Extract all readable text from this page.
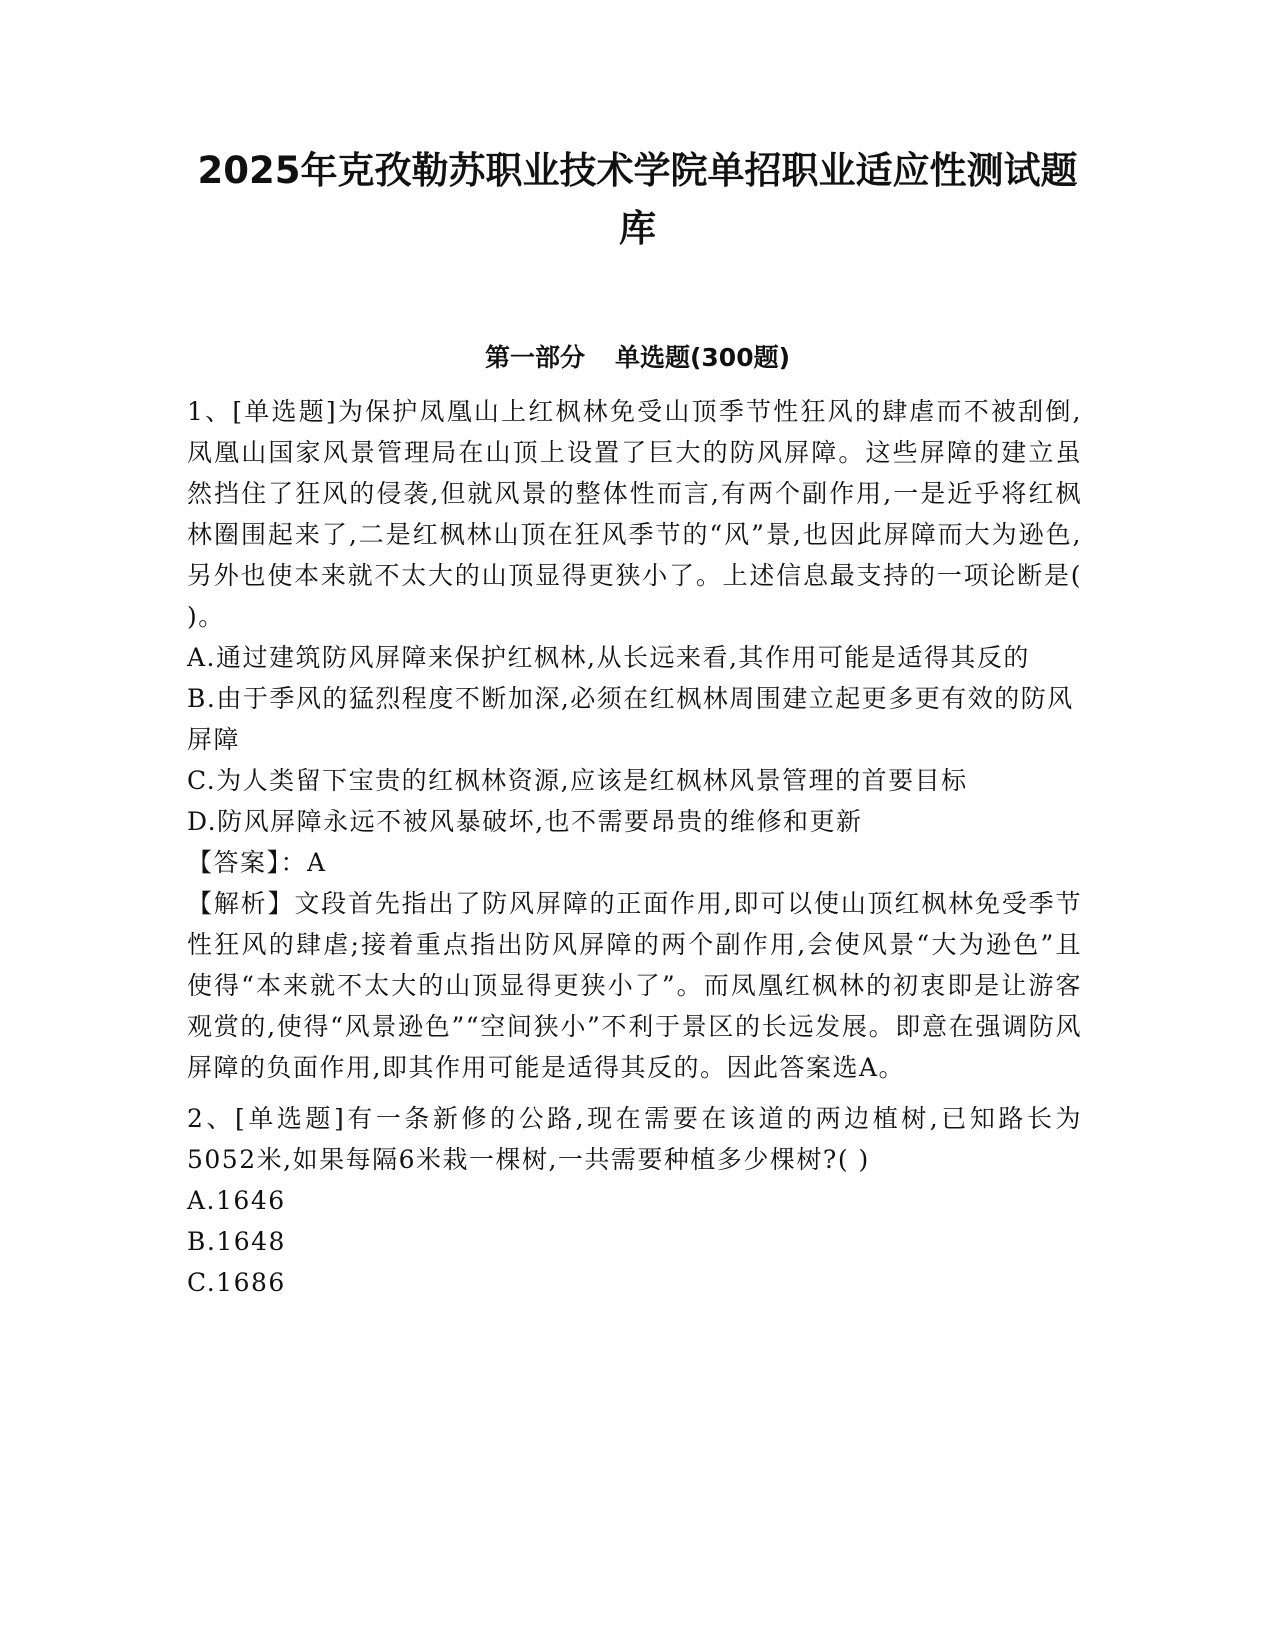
2025年克孜勒苏职业技术学院单招职业适应性测试题
库
第一部分 单选题(300题)

1、[单选题]为保护凤凰山上红枫林免受山顶季节性狂风的肆虐而不被刮倒,凤凰山国家风景管理局在山顶上设置了巨大的防风屏障。这些屏障的建立虽然挡住了狂风的侵袭,但就风景的整体性而言,有两个副作用,一是近乎将红枫林圈围起来了,二是红枫林山顶在狂风季节的“风”景,也因此屏障而大为逊色,另外也使本来就不太大的山顶显得更狭小了。上述信息最支持的一项论断是( )。

A.通过建筑防风屏障来保护红枫林,从长远来看,其作用可能是适得其反的

B.由于季风的猛烈程度不断加深,必须在红枫林周围建立起更多更有效的防风屏障

C.为人类留下宝贵的红枫林资源,应该是红枫林风景管理的首要目标

D.防风屏障永远不被风暴破坏,也不需要昂贵的维修和更新

【答案】：A

【解析】文段首先指出了防风屏障的正面作用,即可以使山顶红枫林免受季节性狂风的肆虐;接着重点指出防风屏障的两个副作用,会使风景“大为逊色”且使得“本来就不太大的山顶显得更狭小了”。而凤凰红枫林的初衷即是让游客观赏的,使得“风景逊色”“空间狭小”不利于景区的长远发展。即意在强调防风屏障的负面作用,即其作用可能是适得其反的。因此答案选A。

2、[单选题]有一条新修的公路,现在需要在该道的两边植树,已知路长为5052米,如果每隔6米栽一棵树,一共需要种植多少棵树?( )

A.1646

B.1648

C.1686
